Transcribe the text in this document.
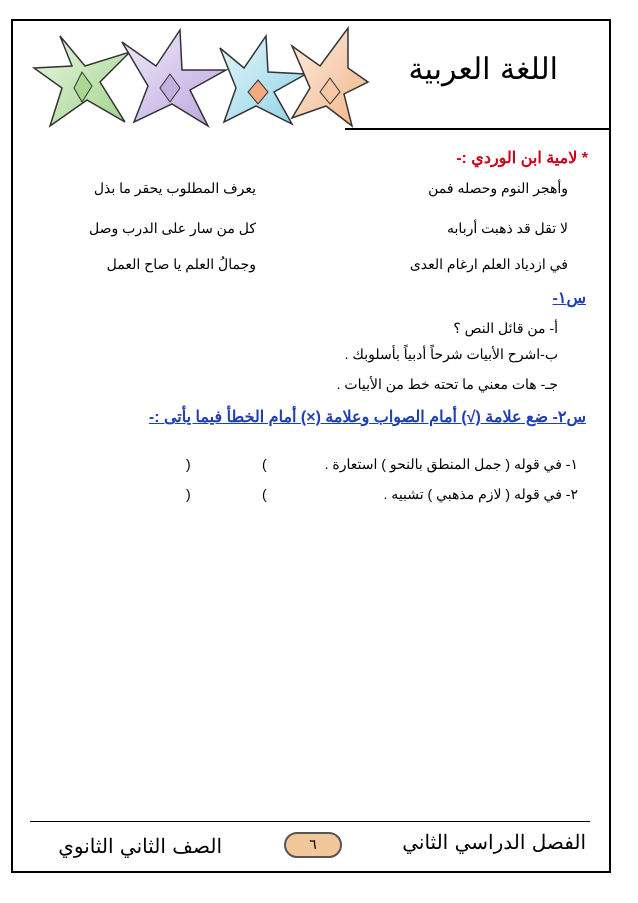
اللغة العربية
* لامية ابن الوردي :-
وأهجر النوم وحصله فمن
يعرف المطلوب يحقر ما بذل
لا تقل قد ذهبت أربابه
كل من سار على الدرب وصل
في ازدياد العلم ارغام العدى
وجمالُ العلم يا صاح العمل
س١-
أ- من قائل النص ؟
ب-اشرح الأبيات شرحاً أدبياً بأسلوبك .
جـ- هات معني ما تحته خط من الأبيات .
س٢- ضع علامة (√) أمام الصواب وعلامة (×) أمام الخطأ فيما يأتى :-
١- في قوله ( جمل المنطق بالنحو ) استعارة .
(
)
٢- في قوله ( لازم مذهبي ) تشبيه .
(
)
الفصل الدراسي الثاني
٦
الصف الثاني الثانوي
